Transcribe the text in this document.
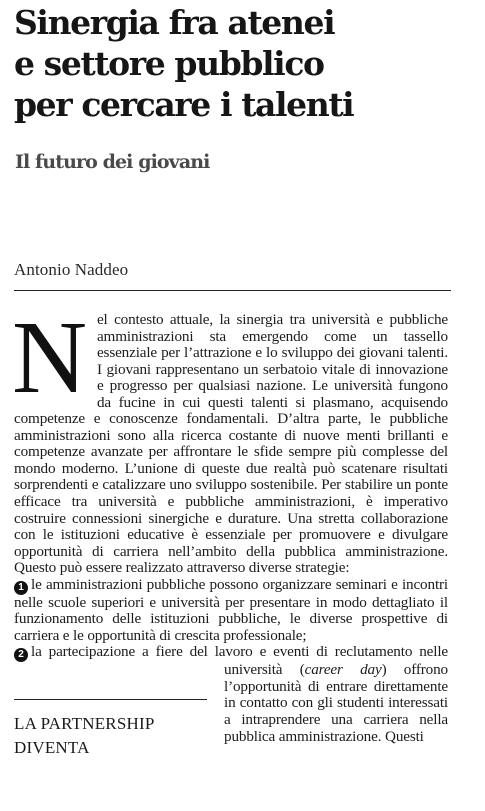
Sinergia fra atenei
e settore pubblico
per cercare i talenti
Il futuro dei giovani
Antonio Naddeo
N el contesto attuale, la sinergia tra università e pubbliche amministrazioni sta emergendo come un tassello essenziale per l’attrazione e lo sviluppo dei giovani talenti. I giovani rappresentano un serbatoio vitale di innovazione e progresso per qualsiasi nazione. Le università fungono da fucine in cui questi talenti si plasmano, acquisendo competenze e conoscenze fondamentali. D’altra parte, le pubbliche amministrazioni sono alla ricerca costante di nuove menti brillanti e competenze avanzate per affrontare le sfide sempre più complesse del mondo moderno. L’unione di queste due realtà può scatenare risultati sorprendenti e catalizzare uno sviluppo sostenibile. Per stabilire un ponte efficace tra università e pubbliche amministrazioni, è imperativo costruire connessioni sinergiche e durature. Una stretta collaborazione con le istituzioni educative è essenziale per promuovere e divulgare opportunità di carriera nell’ambito della pubblica amministrazione. Questo può essere realizzato attraverso diverse strategie:
1 le amministrazioni pubbliche possono organizzare seminari e incontri nelle scuole superiori e università per presentare in modo dettagliato il funzionamento delle istituzioni pubbliche, le diverse prospettive di carriera e le opportunità di crescita professionale;
2 la partecipazione a fiere del lavoro e eventi di reclutamento nelle università (
LA PARTNERSHIP
DIVENTA
career day) offrono l’opportunità di entrare direttamente in contatto con gli studenti interessati a intraprendere una carriera nella pubblica amministrazione. Questi
